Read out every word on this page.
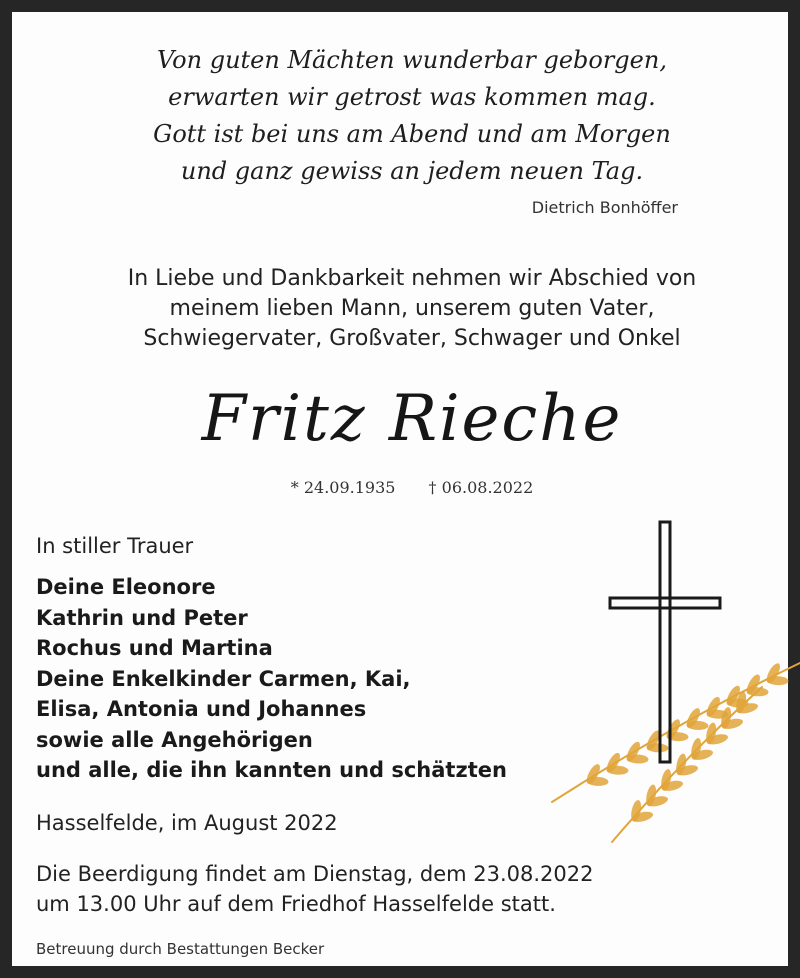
Von guten Mächten wunderbar geborgen,
erwarten wir getrost was kommen mag.
Gott ist bei uns am Abend und am Morgen
und ganz gewiss an jedem neuen Tag.
Dietrich Bonhöffer
In Liebe und Dankbarkeit nehmen wir Abschied von
meinem lieben Mann, unserem guten Vater,
Schwiegervater, Großvater, Schwager und Onkel
Fritz Rieche
* 24.09.1935 † 06.08.2022
In stiller Trauer
Deine Eleonore
Kathrin und Peter
Rochus und Martina
Deine Enkelkinder Carmen, Kai,
Elisa, Antonia und Johannes
sowie alle Angehörigen
und alle, die ihn kannten und schätzten
Hasselfelde, im August 2022
Die Beerdigung findet am Dienstag, dem 23.08.2022
um 13.00 Uhr auf dem Friedhof Hasselfelde statt.
Betreuung durch Bestattungen Becker
